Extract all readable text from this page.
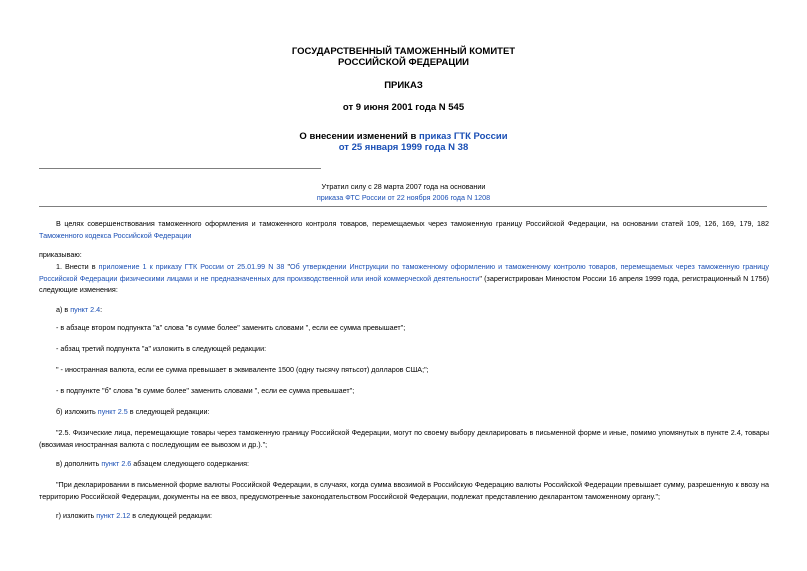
ГОСУДАРСТВЕННЫЙ ТАМОЖЕННЫЙ КОМИТЕТ
РОССИЙСКОЙ ФЕДЕРАЦИИ
ПРИКАЗ
от 9 июня 2001 года N 545
О внесении изменений в приказ ГТК России
от 25 января 1999 года N 38
Утратил силу с 28 марта 2007 года на основании
приказа ФТС России от 22 ноября 2006 года N 1208
В целях совершенствования таможенного оформления и таможенного контроля товаров, перемещаемых через таможенную границу Российской Федерации, на основании статей 109, 126, 169, 179, 182 Таможенного кодекса Российской Федерации
приказываю:
1. Внести в приложение 1 к приказу ГТК России от 25.01.99 N 38 "Об утверждении Инструкции по таможенному оформлению и таможенному контролю товаров, перемещаемых через таможенную границу Российской Федерации физическими лицами и не предназначенных для производственной или иной коммерческой деятельности" (зарегистрирован Минюстом России 16 апреля 1999 года, регистрационный N 1756) следующие изменения:
а) в пункт 2.4:
- в абзаце втором подпункта "а" слова "в сумме более" заменить словами ", если ее сумма превышает";
- абзац третий подпункта "а" изложить в следующей редакции:
" - иностранная валюта, если ее сумма превышает в эквиваленте 1500 (одну тысячу пятьсот) долларов США;";
- в подпункте "б" слова "в сумме более" заменить словами ", если ее сумма превышает";
б) изложить пункт 2.5 в следующей редакции:
"2.5. Физические лица, перемещающие товары через таможенную границу Российской Федерации, могут по своему выбору декларировать в письменной форме и иные, помимо упомянутых в пункте 2.4, товары (ввозимая иностранная валюта с последующим ее вывозом и др.).";
в) дополнить пункт 2.6 абзацем следующего содержания:
"При декларировании в письменной форме валюты Российской Федерации, в случаях, когда сумма ввозимой в Российскую Федерацию валюты Российской Федерации превышает сумму, разрешенную к ввозу на территорию Российской Федерации, документы на ее ввоз, предусмотренные законодательством Российской Федерации, подлежат представлению декларантом таможенному органу.";
г) изложить пункт 2.12 в следующей редакции:
